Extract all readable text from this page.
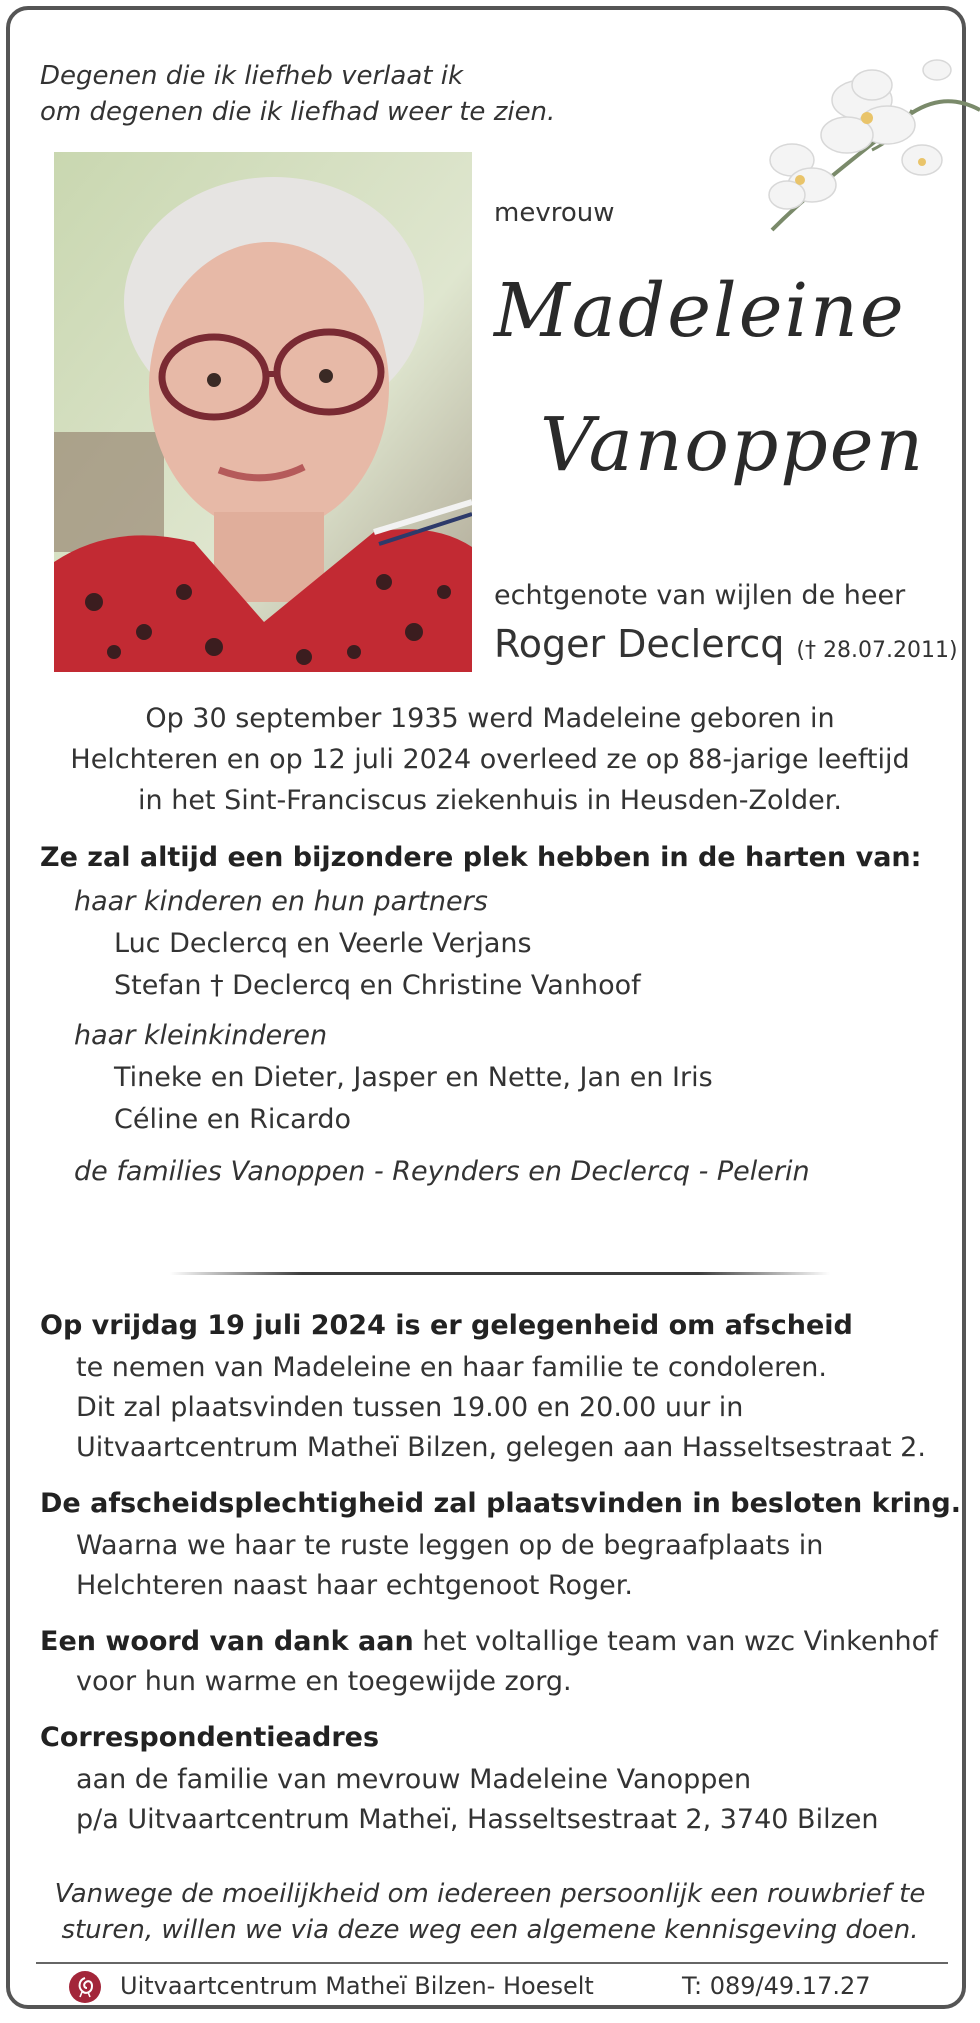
Degenen die ik liefheb verlaat ik
om degenen die ik liefhad weer te zien.
mevrouw
Madeleine
Vanoppen
echtgenote van wijlen de heer
Roger Declercq († 28.07.2011)
Op 30 september 1935 werd Madeleine geboren in
Helchteren en op 12 juli 2024 overleed ze op 88-jarige leeftijd
in het Sint-Franciscus ziekenhuis in Heusden-Zolder.
Ze zal altijd een bijzondere plek hebben in de harten van:
haar kinderen en hun partners
Luc Declercq en Veerle Verjans
Stefan † Declercq en Christine Vanhoof
haar kleinkinderen
Tineke en Dieter, Jasper en Nette, Jan en Iris
Céline en Ricardo
de families Vanoppen - Reynders en Declercq - Pelerin
Op vrijdag 19 juli 2024 is er gelegenheid om afscheid
te nemen van Madeleine en haar familie te condoleren.
Dit zal plaatsvinden tussen 19.00 en 20.00 uur in
Uitvaartcentrum Matheï Bilzen, gelegen aan Hasseltsestraat 2.
De afscheidsplechtigheid zal plaatsvinden in besloten kring.
Waarna we haar te ruste leggen op de begraafplaats in
Helchteren naast haar echtgenoot Roger.
Een woord van dank aan het voltallige team van wzc Vinkenhof
voor hun warme en toegewijde zorg.
Correspondentieadres
aan de familie van mevrouw Madeleine Vanoppen
p/a Uitvaartcentrum Matheï, Hasseltsestraat 2, 3740 Bilzen
Vanwege de moeilijkheid om iedereen persoonlijk een rouwbrief te
sturen, willen we via deze weg een algemene kennisgeving doen.
Uitvaartcentrum Matheï Bilzen- Hoeselt	T: 089/49.17.27
